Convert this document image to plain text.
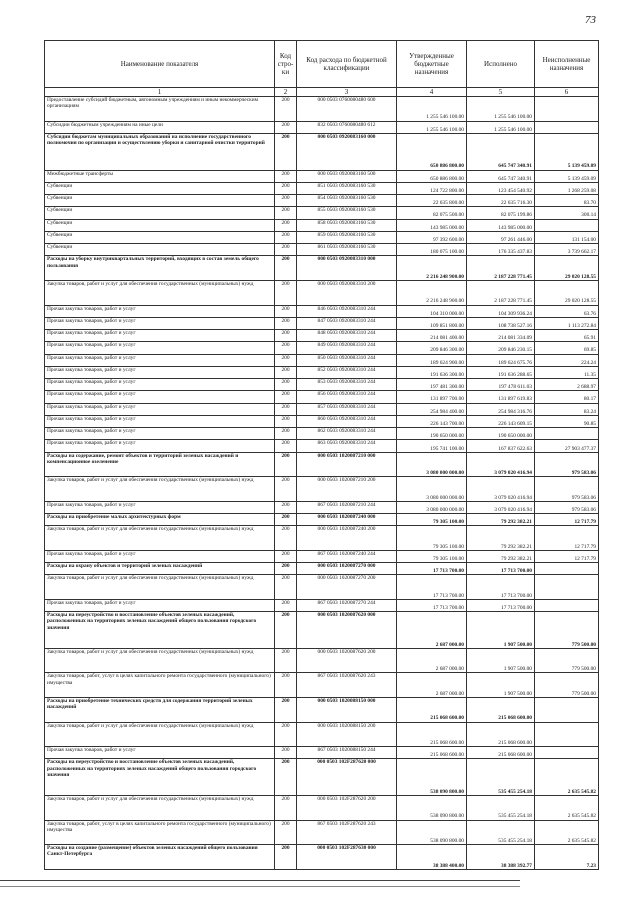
73
Наименование показателя	Код стро-ки	Код расхода по бюджетной классификации	Утвержденные бюджетные назначения	Исполнено	Неисполненные назначения
1	2	3	4	5	6
Предоставление субсидий бюджетным, автономным учреждениям и иным некоммерческим организациям	200	000 0503 0760080480 600	1 255 546 100.00	1 255 546 100.00	
Субсидии бюджетным учреждениям на иные цели	200	832 0503 0760080480 612	1 255 546 100.00	1 255 546 100.00	
Субсидии бюджетам муниципальных образований на исполнение государственного полномочия по организации и осуществлению уборки и санитарной очистки территорий	200	000 0503 0920083160 000	650 886 800.00	645 747 340.91	5 139 459.09
Межбюджетные трансферты	200	000 0503 0920083160 500	650 886 800.00	645 747 340.91	5 139 459.09
Субвенции	200	851 0503 0920083160 530	124 722 800.00	123 454 540.92	1 268 259.08
Субвенции	200	854 0503 0920083160 530	22 635 800.00	22 635 716.30	83.70
Субвенции	200	855 0503 0920083160 530	82 075 500.00	82 075 199.86	300.14
Субвенции	200	858 0503 0920083160 530	143 985 000.00	143 985 000.00	
Субвенции	200	859 0503 0920083160 530	97 392 600.00	97 261 446.00	131 154.00
Субвенции	200	861 0503 0920083160 530	180 075 100.00	176 335 437.83	3 739 662.17
Расходы на уборку внутриквартальных территорий, входящих в состав земель общего пользования	200	000 0503 0920083310 000	2 216 248 900.00	2 187 228 771.45	29 020 128.55
Закупка товаров, работ и услуг для обеспечения государственных (муниципальных) нужд	200	000 0503 0920083310 200	2 216 248 900.00	2 187 228 771.45	29 020 128.55
Прочая закупка товаров, работ и услуг	200	846 0503 0920083310 244	104 310 000.00	104 309 936.24	63.76
Прочая закупка товаров, работ и услуг	200	847 0503 0920083310 244	109 851 800.00	108 738 527.16	1 113 272.84
Прочая закупка товаров, работ и услуг	200	848 0503 0920083310 244	214 081 400.00	214 081 334.09	65.91
Прочая закупка товаров, работ и услуг	200	849 0503 0920083310 244	209 846 300.00	209 846 230.15	69.85
Прочая закупка товаров, работ и услуг	200	850 0503 0920083310 244	189 624 900.00	189 624 675.76	224.24
Прочая закупка товаров, работ и услуг	200	852 0503 0920083310 244	191 636 300.00	191 636 288.65	11.35
Прочая закупка товаров, работ и услуг	200	853 0503 0920083310 244	197 481 300.00	197 478 611.03	2 688.97
Прочая закупка товаров, работ и услуг	200	856 0503 0920083310 244	131 897 700.00	131 897 619.83	80.17
Прочая закупка товаров, работ и услуг	200	857 0503 0920083310 244	254 984 400.00	254 984 316.76	83.24
Прочая закупка товаров, работ и услуг	200	860 0503 0920083310 244	226 143 700.00	226 143 609.15	90.85
Прочая закупка товаров, работ и услуг	200	862 0503 0920083310 244	190 650 000.00	190 650 000.00	
Прочая закупка товаров, работ и услуг	200	863 0503 0920083310 244	195 741 100.00	167 837 622.63	27 903 477.37
Расходы на содержание, ремонт объектов и территорий зеленых насаждений и компенсационное озеленение	200	000 0503 1020087210 000	3 080 000 000.00	3 079 020 416.94	979 583.06
Закупка товаров, работ и услуг для обеспечения государственных (муниципальных) нужд	200	000 0503 1020087210 200	3 080 000 000.00	3 079 020 416.94	979 583.06
Прочая закупка товаров, работ и услуг	200	867 0503 1020087210 244	3 080 000 000.00	3 079 020 416.94	979 583.06
Расходы на приобретение малых архитектурных форм	200	000 0503 1020087240 000	79 305 100.00	79 292 382.21	12 717.79
Закупка товаров, работ и услуг для обеспечения государственных (муниципальных) нужд	200	000 0503 1020087240 200	79 305 100.00	79 292 382.21	12 717.79
Прочая закупка товаров, работ и услуг	200	867 0503 1020087240 244	79 305 100.00	79 292 382.21	12 717.79
Расходы на охрану объектов и территорий зеленых насаждений	200	000 0503 1020087270 000	17 713 700.00	17 713 700.00	
Закупка товаров, работ и услуг для обеспечения государственных (муниципальных) нужд	200	000 0503 1020087270 200	17 713 700.00	17 713 700.00	
Прочая закупка товаров, работ и услуг	200	867 0503 1020087270 244	17 713 700.00	17 713 700.00	
Расходы на переустройство и восстановление объектов зеленых насаждений, расположенных на территориях зеленых насаждений общего пользования городского значения	200	000 0503 1020087620 000	2 687 000.00	1 907 500.00	779 500.00
Закупка товаров, работ и услуг для обеспечения государственных (муниципальных) нужд	200	000 0503 1020087620 200	2 687 000.00	1 907 500.00	779 500.00
Закупка товаров, работ, услуг в целях капитального ремонта государственного (муниципального) имущества	200	867 0503 1020087620 243	2 687 000.00	1 907 500.00	779 500.00
Расходы на приобретение технических средств для содержания территорий зеленых насаждений	200	000 0503 1020088150 000	215 068 600.00	215 068 600.00	
Закупка товаров, работ и услуг для обеспечения государственных (муниципальных) нужд	200	000 0503 1020088150 200	215 068 600.00	215 068 600.00	
Прочая закупка товаров, работ и услуг	200	867 0503 1020088150 244	215 068 600.00	215 068 600.00	
Расходы на переустройство и восстановление объектов зеленых насаждений, расположенных на территориях зеленых насаждений общего пользования городского значения	200	000 0503 102F287620 000	538 090 800.00	535 455 254.18	2 635 545.82
Закупка товаров, работ и услуг для обеспечения государственных (муниципальных) нужд	200	000 0503 102F287620 200	538 090 800.00	535 455 254.18	2 635 545.82
Закупка товаров, работ, услуг в целях капитального ремонта государственного (муниципального) имущества	200	867 0503 102F287620 243	538 090 800.00	535 455 254.18	2 635 545.82
Расходы на создание (размещение) объектов зеленых насаждений общего пользования Санкт-Петербурга	200	000 0503 102F287630 000	38 388 400.00	38 388 392.77	7.23
